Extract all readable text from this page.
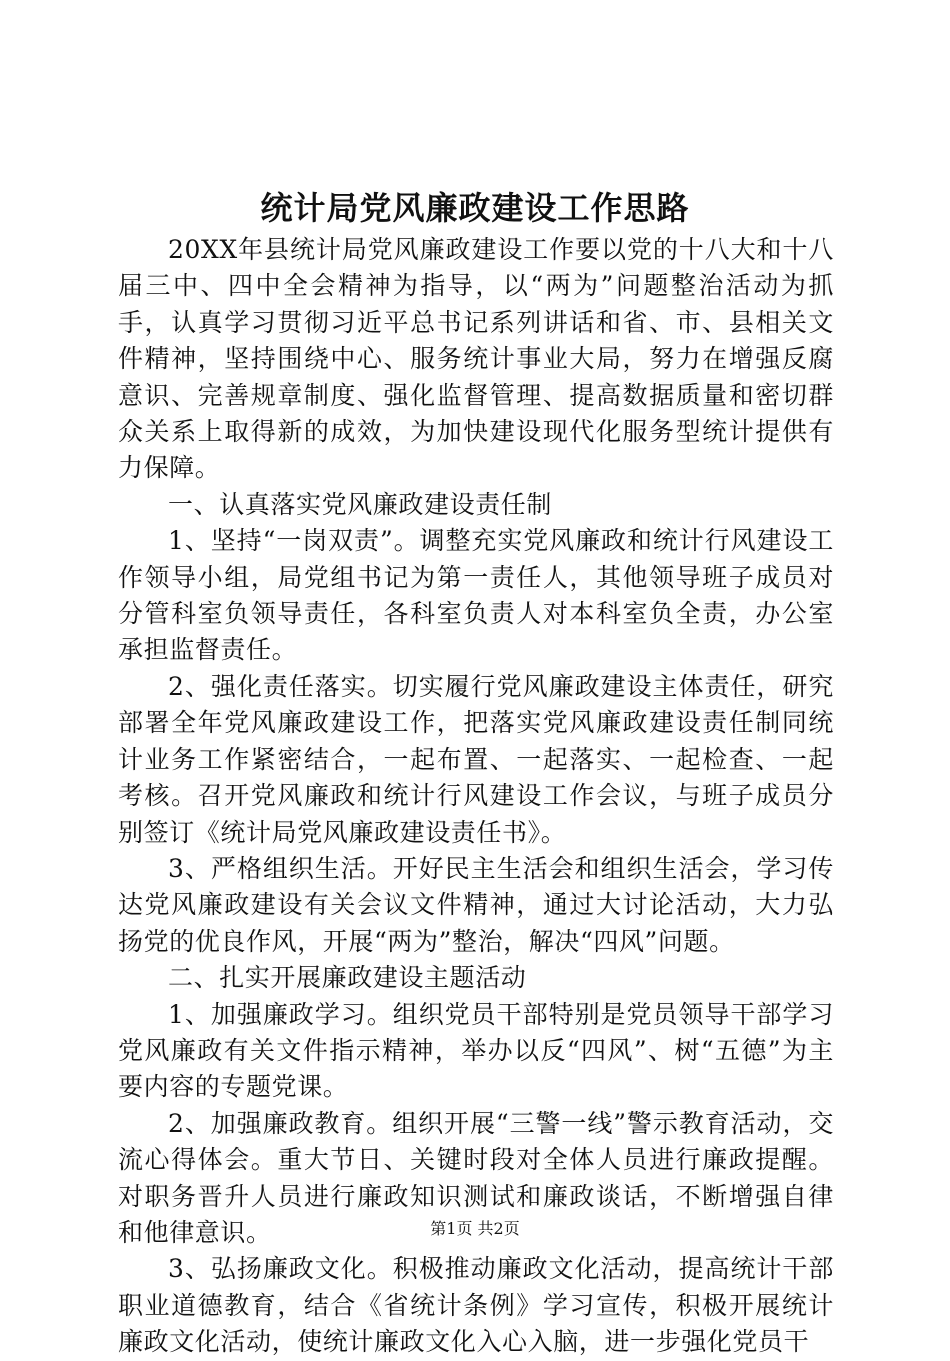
统计局党风廉政建设工作思路

20XX年县统计局党风廉政建设工作要以党的十八大和十八届三中、四中全会精神为指导，以“两为”问题整治活动为抓手，认真学习贯彻习近平总书记系列讲话和省、市、县相关文件精神，坚持围绕中心、服务统计事业大局，努力在增强反腐意识、完善规章制度、强化监督管理、提高数据质量和密切群众关系上取得新的成效，为加快建设现代化服务型统计提供有力保障。

一、认真落实党风廉政建设责任制

1、坚持“一岗双责”。调整充实党风廉政和统计行风建设工作领导小组，局党组书记为第一责任人，其他领导班子成员对分管科室负领导责任，各科室负责人对本科室负全责，办公室承担监督责任。

2、强化责任落实。切实履行党风廉政建设主体责任，研究部署全年党风廉政建设工作，把落实党风廉政建设责任制同统计业务工作紧密结合，一起布置、一起落实、一起检查、一起考核。召开党风廉政和统计行风建设工作会议，与班子成员分别签订《统计局党风廉政建设责任书》。

3、严格组织生活。开好民主生活会和组织生活会，学习传达党风廉政建设有关会议文件精神，通过大讨论活动，大力弘扬党的优良作风，开展“两为”整治，解决“四风”问题。

二、扎实开展廉政建设主题活动

1、加强廉政学习。组织党员干部特别是党员领导干部学习党风廉政有关文件指示精神，举办以反“四风”、树“五德”为主要内容的专题党课。

2、加强廉政教育。组织开展“三警一线”警示教育活动，交流心得体会。重大节日、关键时段对全体人员进行廉政提醒。对职务晋升人员进行廉政知识测试和廉政谈话，不断增强自律和他律意识。

3、弘扬廉政文化。积极推动廉政文化活动，提高统计干部职业道德教育，结合《省统计条例》学习宣传，积极开展统计廉政文化活动，使统计廉政文化入心入脑，进一步强化党员干

第1页 共2页
